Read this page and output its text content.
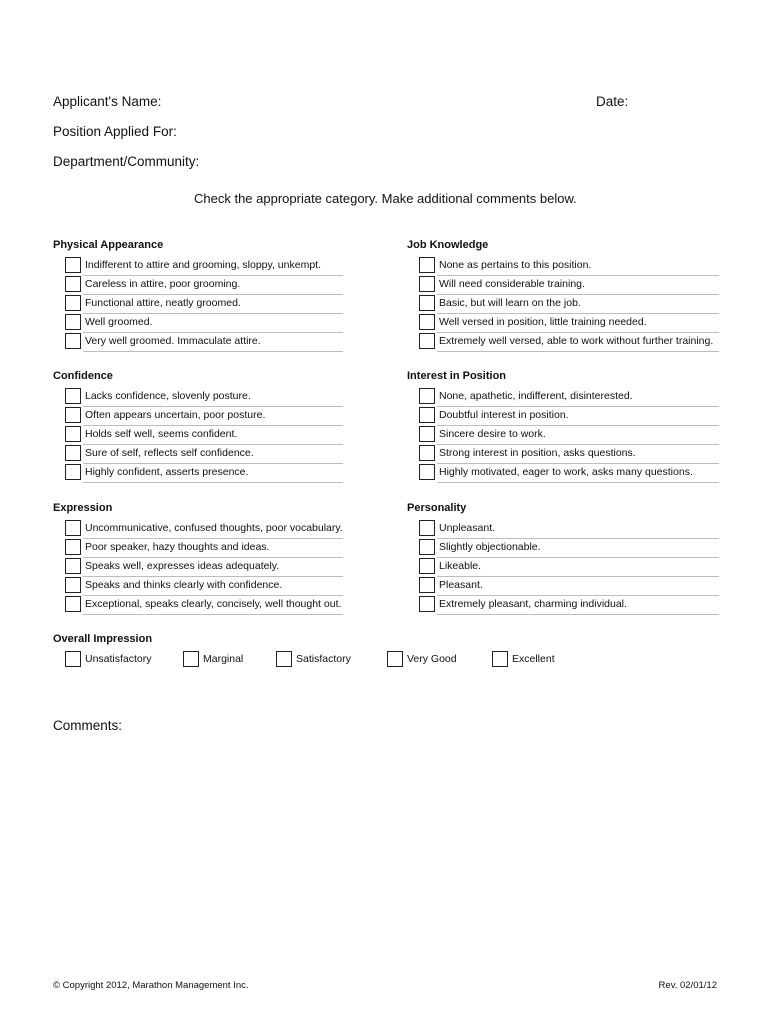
Applicant's Name:	Date:
Position Applied For:
Department/Community:
Check the appropriate category. Make additional comments below.
Physical Appearance
Indifferent to attire and grooming, sloppy, unkempt.
Careless in attire, poor grooming.
Functional attire, neatly groomed.
Well groomed.
Very well groomed. Immaculate attire.
Job Knowledge
None as pertains to this position.
Will need considerable training.
Basic, but will learn on the job.
Well versed in position, little training needed.
Extremely well versed, able to work without further training.
Confidence
Lacks confidence, slovenly posture.
Often appears uncertain, poor posture.
Holds self well, seems confident.
Sure of self, reflects self confidence.
Highly confident, asserts presence.
Interest in Position
None, apathetic, indifferent, disinterested.
Doubtful interest in position.
Sincere desire to work.
Strong interest in position, asks questions.
Highly motivated, eager to work, asks many questions.
Expression
Uncommunicative, confused thoughts, poor vocabulary.
Poor speaker, hazy thoughts and ideas.
Speaks well, expresses ideas adequately.
Speaks and thinks clearly with confidence.
Exceptional, speaks clearly, concisely, well thought out.
Personality
Unpleasant.
Slightly objectionable.
Likeable.
Pleasant.
Extremely pleasant, charming individual.
Overall Impression
Unsatisfactory	Marginal	Satisfactory	Very Good	Excellent
Comments:
© Copyright 2012, Marathon Management Inc.	Rev. 02/01/12
